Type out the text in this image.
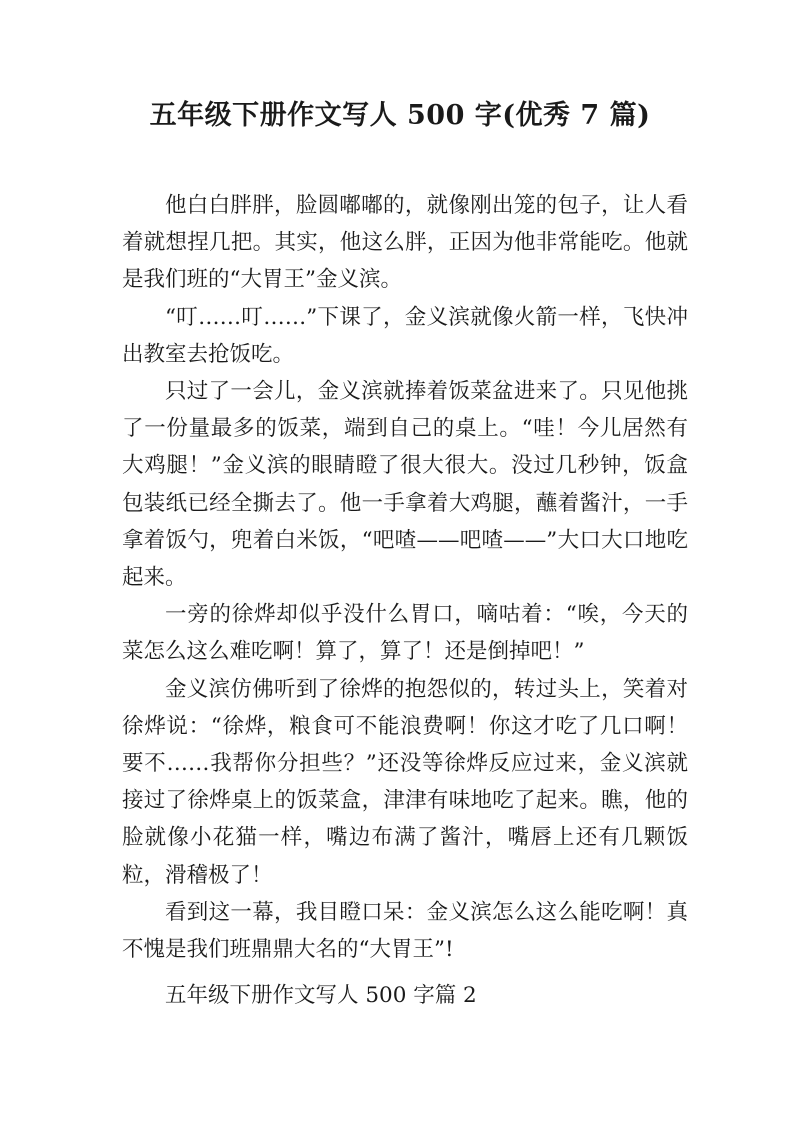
五年级下册作文写人 500 字(优秀 7 篇)

他白白胖胖，脸圆嘟嘟的，就像刚出笼的包子，让人看着就想捏几把。其实，他这么胖，正因为他非常能吃。他就是我们班的“大胃王”金义滨。

“叮……叮……”下课了，金义滨就像火箭一样，飞快冲出教室去抢饭吃。

只过了一会儿，金义滨就捧着饭菜盆进来了。只见他挑了一份量最多的饭菜，端到自己的桌上。“哇！今儿居然有大鸡腿！”金义滨的眼睛瞪了很大很大。没过几秒钟，饭盒包装纸已经全撕去了。他一手拿着大鸡腿，蘸着酱汁，一手拿着饭勺，兜着白米饭，“吧喳——吧喳——”大口大口地吃起来。

一旁的徐烨却似乎没什么胃口，嘀咕着：“唉，今天的菜怎么这么难吃啊！算了，算了！还是倒掉吧！”

金义滨仿佛听到了徐烨的抱怨似的，转过头上，笑着对徐烨说：“徐烨，粮食可不能浪费啊！你这才吃了几口啊！要不……我帮你分担些？”还没等徐烨反应过来，金义滨就接过了徐烨桌上的饭菜盒，津津有味地吃了起来。瞧，他的脸就像小花猫一样，嘴边布满了酱汁，嘴唇上还有几颗饭粒，滑稽极了！

看到这一幕，我目瞪口呆：金义滨怎么这么能吃啊！真不愧是我们班鼎鼎大名的“大胃王”!

五年级下册作文写人 500 字篇 2
